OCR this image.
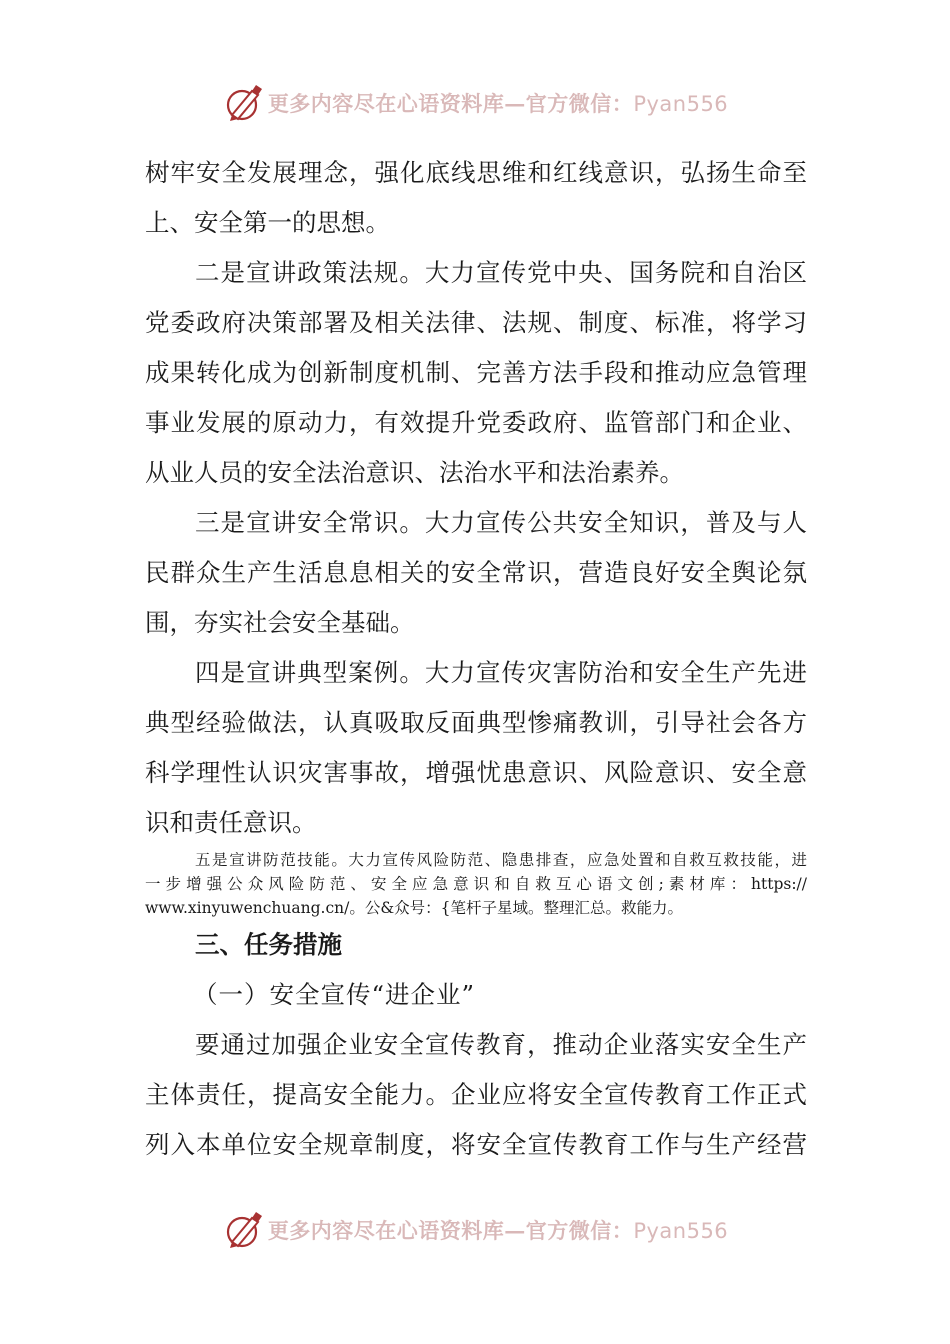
更多内容尽在心语资料库—官方微信：Pyan556
树牢安全发展理念，强化底线思维和红线意识，弘扬生命至
上、安全第一的思想。
二是宣讲政策法规。大力宣传党中央、国务院和自治区
党委政府决策部署及相关法律、法规、制度、标准，将学习
成果转化成为创新制度机制、完善方法手段和推动应急管理
事业发展的原动力，有效提升党委政府、监管部门和企业、
从业人员的安全法治意识、法治水平和法治素养。
三是宣讲安全常识。大力宣传公共安全知识，普及与人
民群众生产生活息息相关的安全常识，营造良好安全舆论氛
围，夯实社会安全基础。
四是宣讲典型案例。大力宣传灾害防治和安全生产先进
典型经验做法，认真吸取反面典型惨痛教训，引导社会各方
科学理性认识灾害事故，增强忧患意识、风险意识、安全意
识和责任意识。
五是宣讲防范技能。大力宣传风险防范、隐患排查，应急处置和自救互救技能，进
一步增强公众风险防范、安全应急意识和自救互心语文创;素材库：https://
www.xinyuwenchuang.cn/。公&众号：{笔杆子星域。整理汇总。救能力。
三、任务措施
（一）安全宣传“进企业”
要通过加强企业安全宣传教育，推动企业落实安全生产
主体责任，提高安全能力。企业应将安全宣传教育工作正式
列入本单位安全规章制度，将安全宣传教育工作与生产经营
更多内容尽在心语资料库—官方微信：Pyan556
